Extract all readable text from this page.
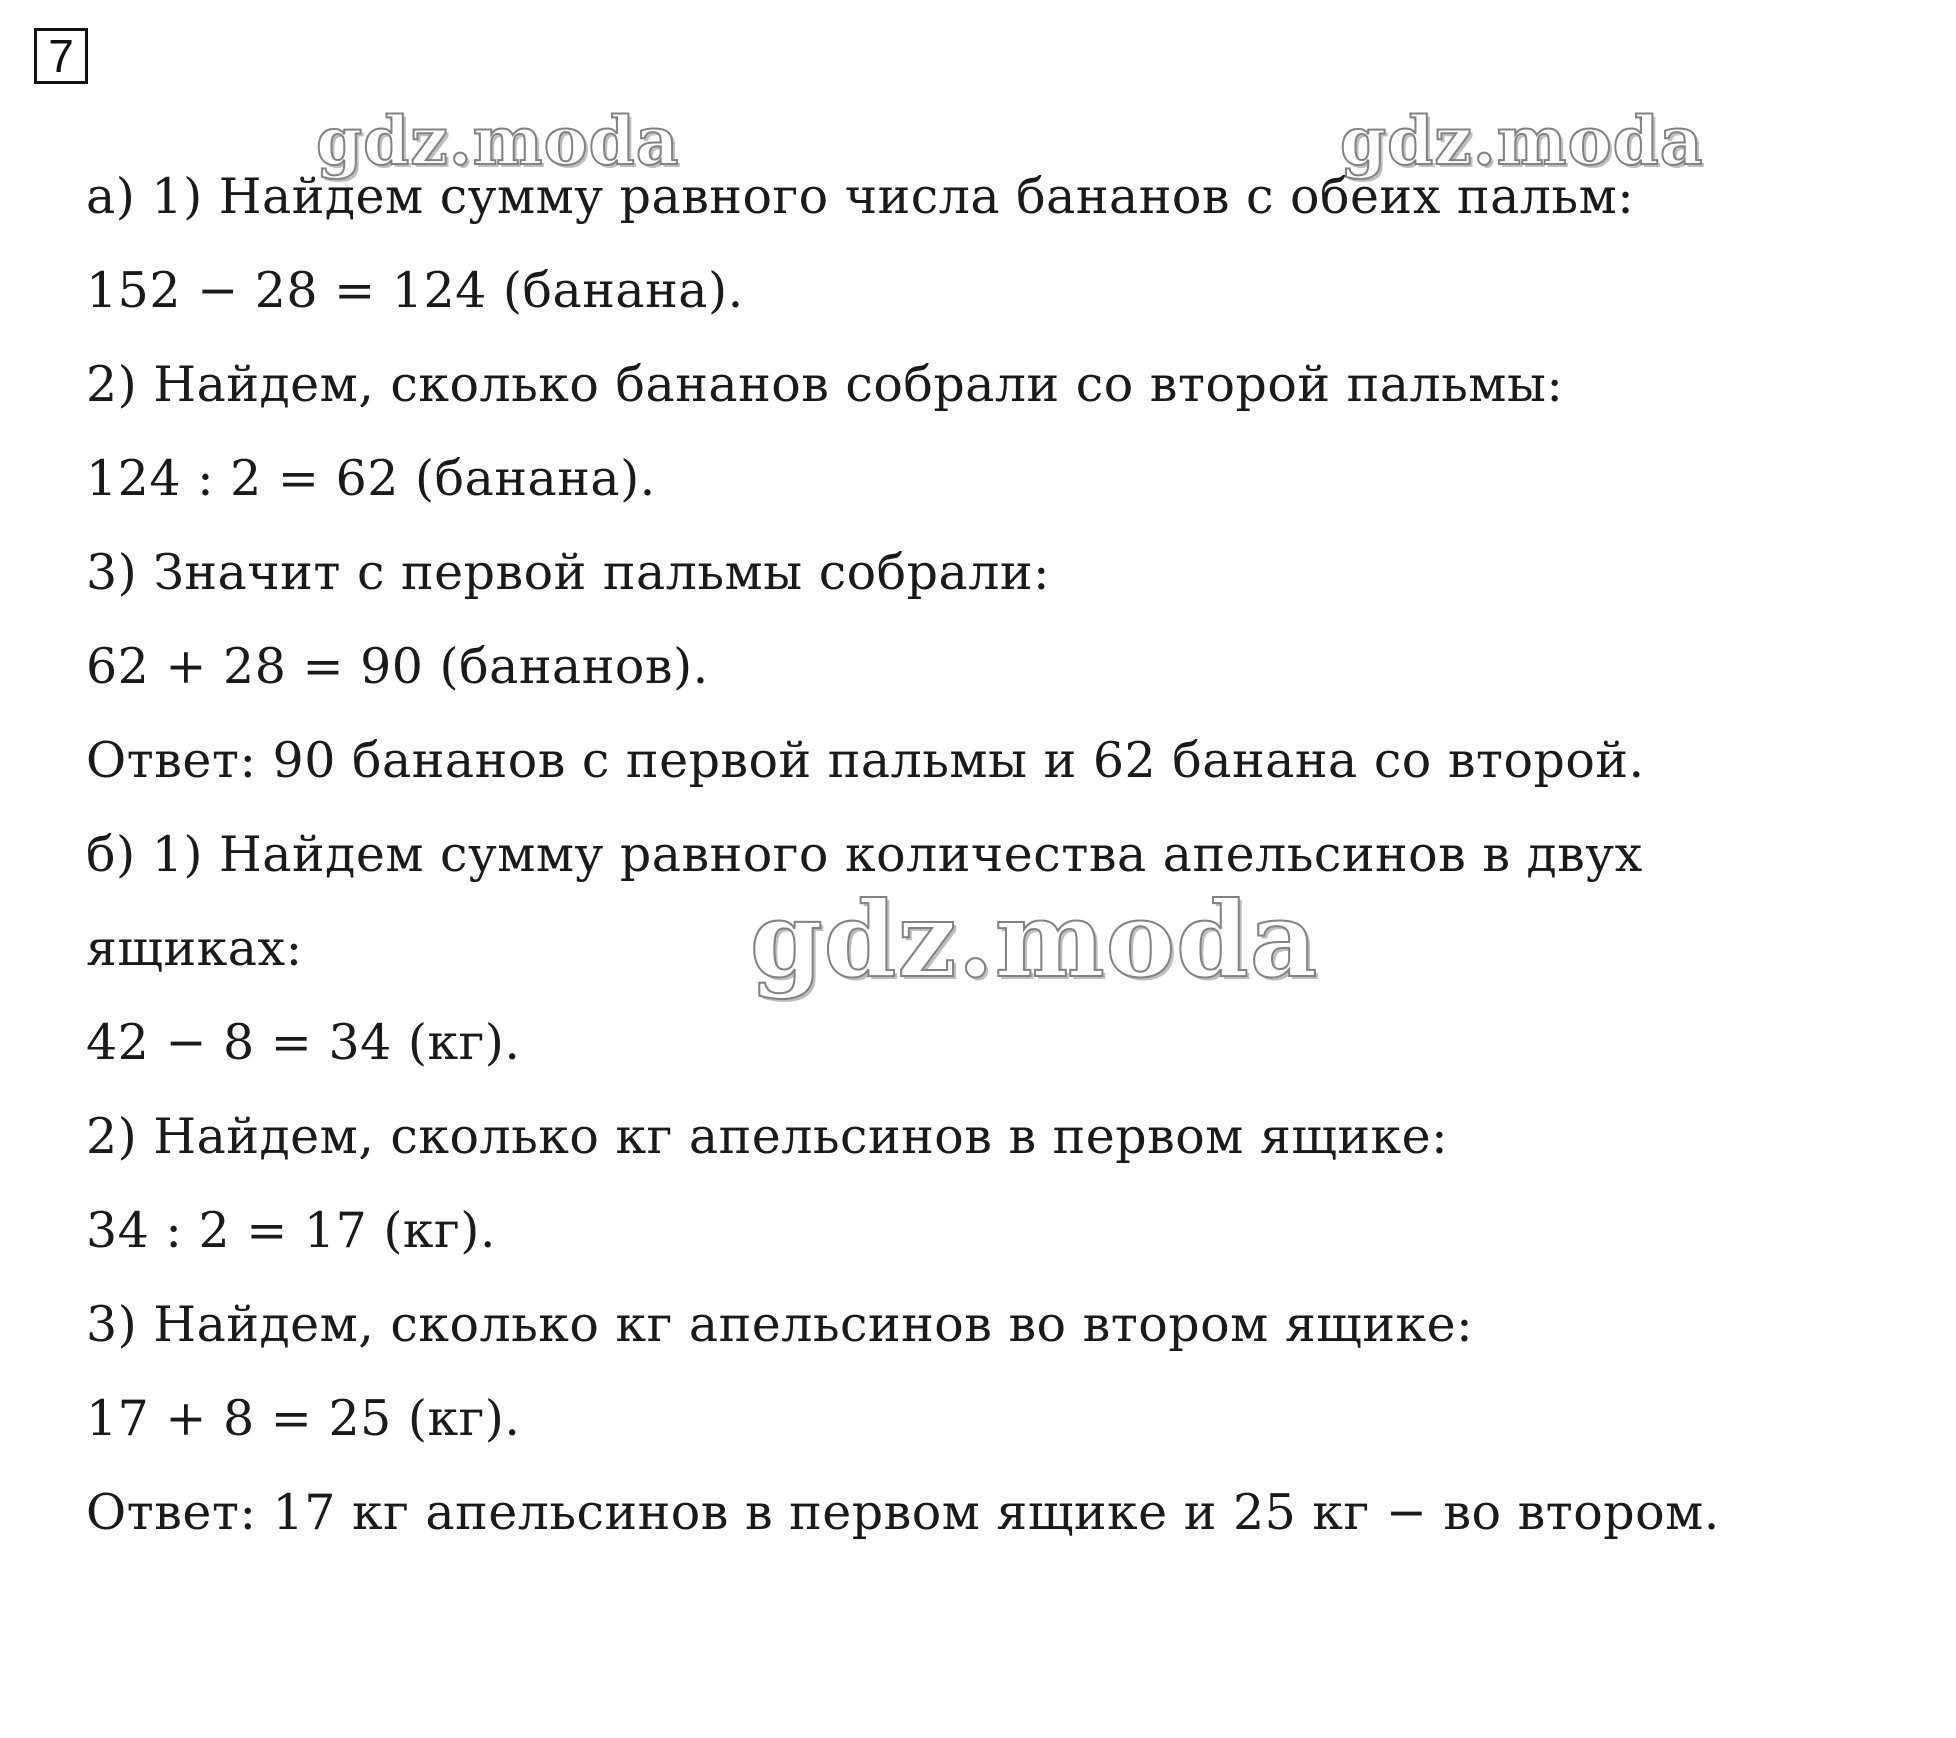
7
gdz.moda	gdz.moda
а) 1) Найдем сумму равного числа бананов с обеих пальм:
152 − 28 = 124 (банана).
2) Найдем, сколько бананов собрали со второй пальмы:
124 : 2 = 62 (банана).
3) Значит с первой пальмы собрали:
62 + 28 = 90 (бананов).
Ответ: 90 бананов с первой пальмы и 62 банана со второй.
б) 1) Найдем сумму равного количества апельсинов в двух
ящиках:
42 − 8 = 34 (кг).
2) Найдем, сколько кг апельсинов в первом ящике:
34 : 2 = 17 (кг).
3) Найдем, сколько кг апельсинов во втором ящике:
17 + 8 = 25 (кг).
Ответ: 17 кг апельсинов в первом ящике и 25 кг − во втором.
gdz.moda
